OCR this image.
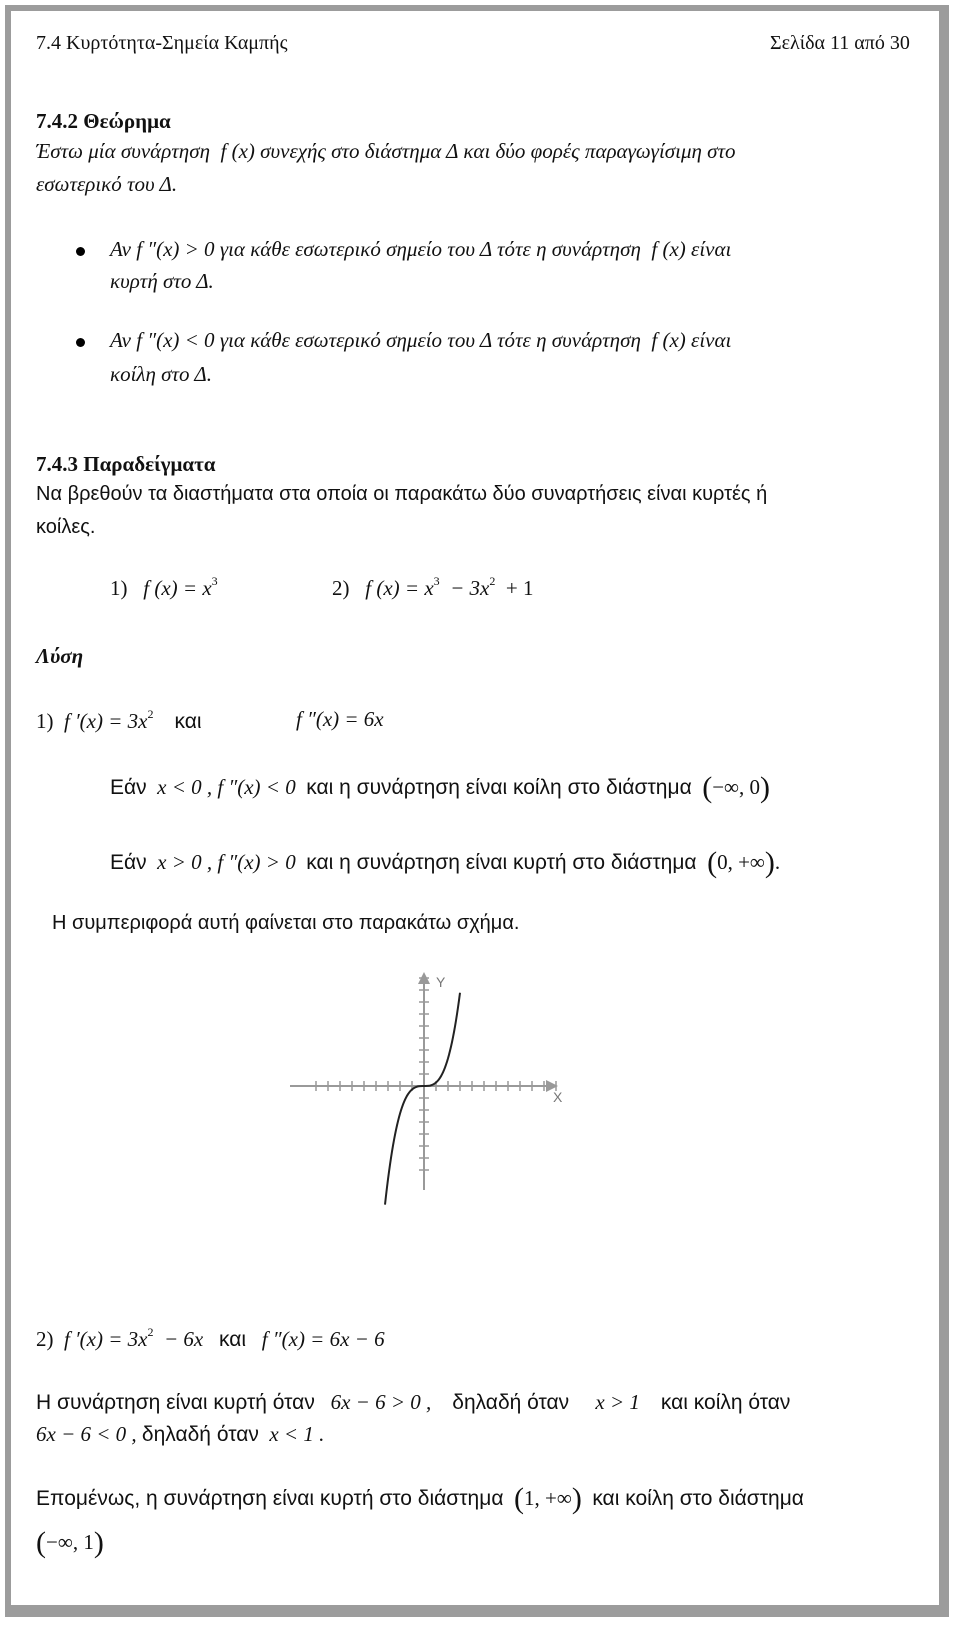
7.4 Κυρτότητα-Σημεία Καμπής	Σελίδα 11 από 30
7.4.2 Θεώρημα
Έστω μία συνάρτηση f (x) συνεχής στο διάστημα Δ και δύο φορές παραγωγίσιμη στο
εσωτερικό του Δ.
Αν f ″(x) > 0 για κάθε εσωτερικό σημείο του Δ τότε η συνάρτηση f (x) είναι
κυρτή στο Δ.
Αν f ″(x) < 0 για κάθε εσωτερικό σημείο του Δ τότε η συνάρτηση f (x) είναι
κοίλη στο Δ.
7.4.3 Παραδείγματα
Να βρεθούν τα διαστήματα στα οποία οι παρακάτω δύο συναρτήσεις είναι κυρτές ή
κοίλες.
1) f $(x) = x^3$	2) f $(x) = x^3 - 3x^2 + 1$
Λύση
1) f $'(x) = 3x^2$ και	f ″(x) = 6x
Εάν x < 0 , f ″(x) < 0 και η συνάρτηση είναι κοίλη στο διάστημα (−∞, 0)
Εάν x > 0 , f ″(x) > 0 και η συνάρτηση είναι κυρτή στο διάστημα (0, +∞).
Η συμπεριφορά αυτή φαίνεται στο παρακάτω σχήμα.
Y
X
2) f $'(x) = 3x^2 - 6x$ και f ″(x) = 6x − 6
Η συνάρτηση είναι κυρτή όταν 6x − 6 > 0 , δηλαδή όταν x > 1 και κοίλη όταν
6x − 6 < 0 , δηλαδή όταν x < 1 .
Επομένως, η συνάρτηση είναι κυρτή στο διάστημα (1, +∞) και κοίλη στο διάστημα
(−∞, 1)
